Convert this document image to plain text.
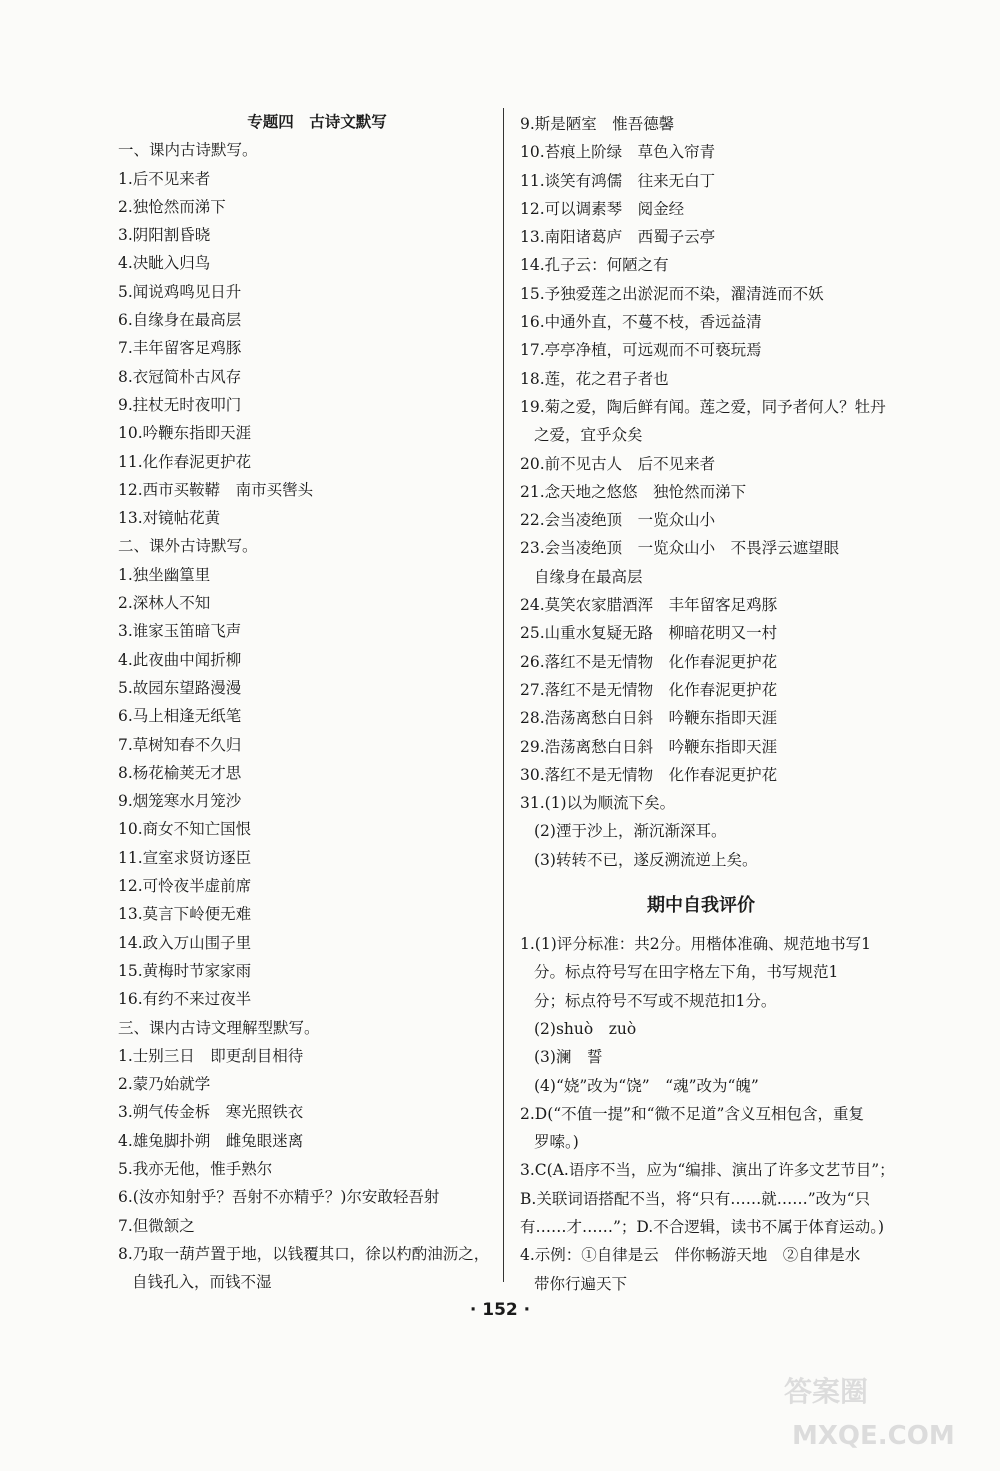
专题四　古诗文默写
一、课内古诗默写。
1.后不见来者
2.独怆然而涕下
3.阴阳割昏晓
4.决眦入归鸟
5.闻说鸡鸣见日升
6.自缘身在最高层
7.丰年留客足鸡豚
8.衣冠简朴古风存
9.拄杖无时夜叩门
10.吟鞭东指即天涯
11.化作春泥更护花
12.西市买鞍鞯　南市买辔头
13.对镜帖花黄
二、课外古诗默写。
1.独坐幽篁里
2.深林人不知
3.谁家玉笛暗飞声
4.此夜曲中闻折柳
5.故园东望路漫漫
6.马上相逢无纸笔
7.草树知春不久归
8.杨花榆荚无才思
9.烟笼寒水月笼沙
10.商女不知亡国恨
11.宣室求贤访逐臣
12.可怜夜半虚前席
13.莫言下岭便无难
14.政入万山围子里
15.黄梅时节家家雨
16.有约不来过夜半
三、课内古诗文理解型默写。
1.士别三日　即更刮目相待
2.蒙乃始就学
3.朔气传金柝　寒光照铁衣
4.雄兔脚扑朔　雌兔眼迷离
5.我亦无他，惟手熟尔
6.(汝亦知射乎？吾射不亦精乎？)尔安敢轻吾射
7.但微颔之
8.乃取一葫芦置于地，以钱覆其口，徐以杓酌油沥之，
自钱孔入，而钱不湿
9.斯是陋室　惟吾德馨
10.苔痕上阶绿　草色入帘青
11.谈笑有鸿儒　往来无白丁
12.可以调素琴　阅金经
13.南阳诸葛庐　西蜀子云亭
14.孔子云：何陋之有
15.予独爱莲之出淤泥而不染，濯清涟而不妖
16.中通外直，不蔓不枝，香远益清
17.亭亭净植，可远观而不可亵玩焉
18.莲，花之君子者也
19.菊之爱，陶后鲜有闻。莲之爱，同予者何人？牡丹
之爱，宜乎众矣
20.前不见古人　后不见来者
21.念天地之悠悠　独怆然而涕下
22.会当凌绝顶　一览众山小
23.会当凌绝顶　一览众山小　不畏浮云遮望眼
自缘身在最高层
24.莫笑农家腊酒浑　丰年留客足鸡豚
25.山重水复疑无路　柳暗花明又一村
26.落红不是无情物　化作春泥更护花
27.落红不是无情物　化作春泥更护花
28.浩荡离愁白日斜　吟鞭东指即天涯
29.浩荡离愁白日斜　吟鞭东指即天涯
30.落红不是无情物　化作春泥更护花
31.(1)以为顺流下矣。
(2)湮于沙上，渐沉渐深耳。
(3)转转不已，遂反溯流逆上矣。
期中自我评价
1.(1)评分标准：共2分。用楷体准确、规范地书写1
分。标点符号写在田字格左下角，书写规范1
分；标点符号不写或不规范扣1分。
(2)shuò　zuò
(3)澜　誓
(4)“娆”改为“饶”　“魂”改为“魄”
2.D(“不值一提”和“微不足道”含义互相包含，重复
罗嗦。)
3.C(A.语序不当，应为“编排、演出了许多文艺节目”；
B.关联词语搭配不当，将“只有……就……”改为“只
有……才……”；D.不合逻辑，读书不属于体育运动。)
4.示例：①自律是云　伴你畅游天地　②自律是水
带你行遍天下
· 152 ·
答案圈
MXQE.COM
